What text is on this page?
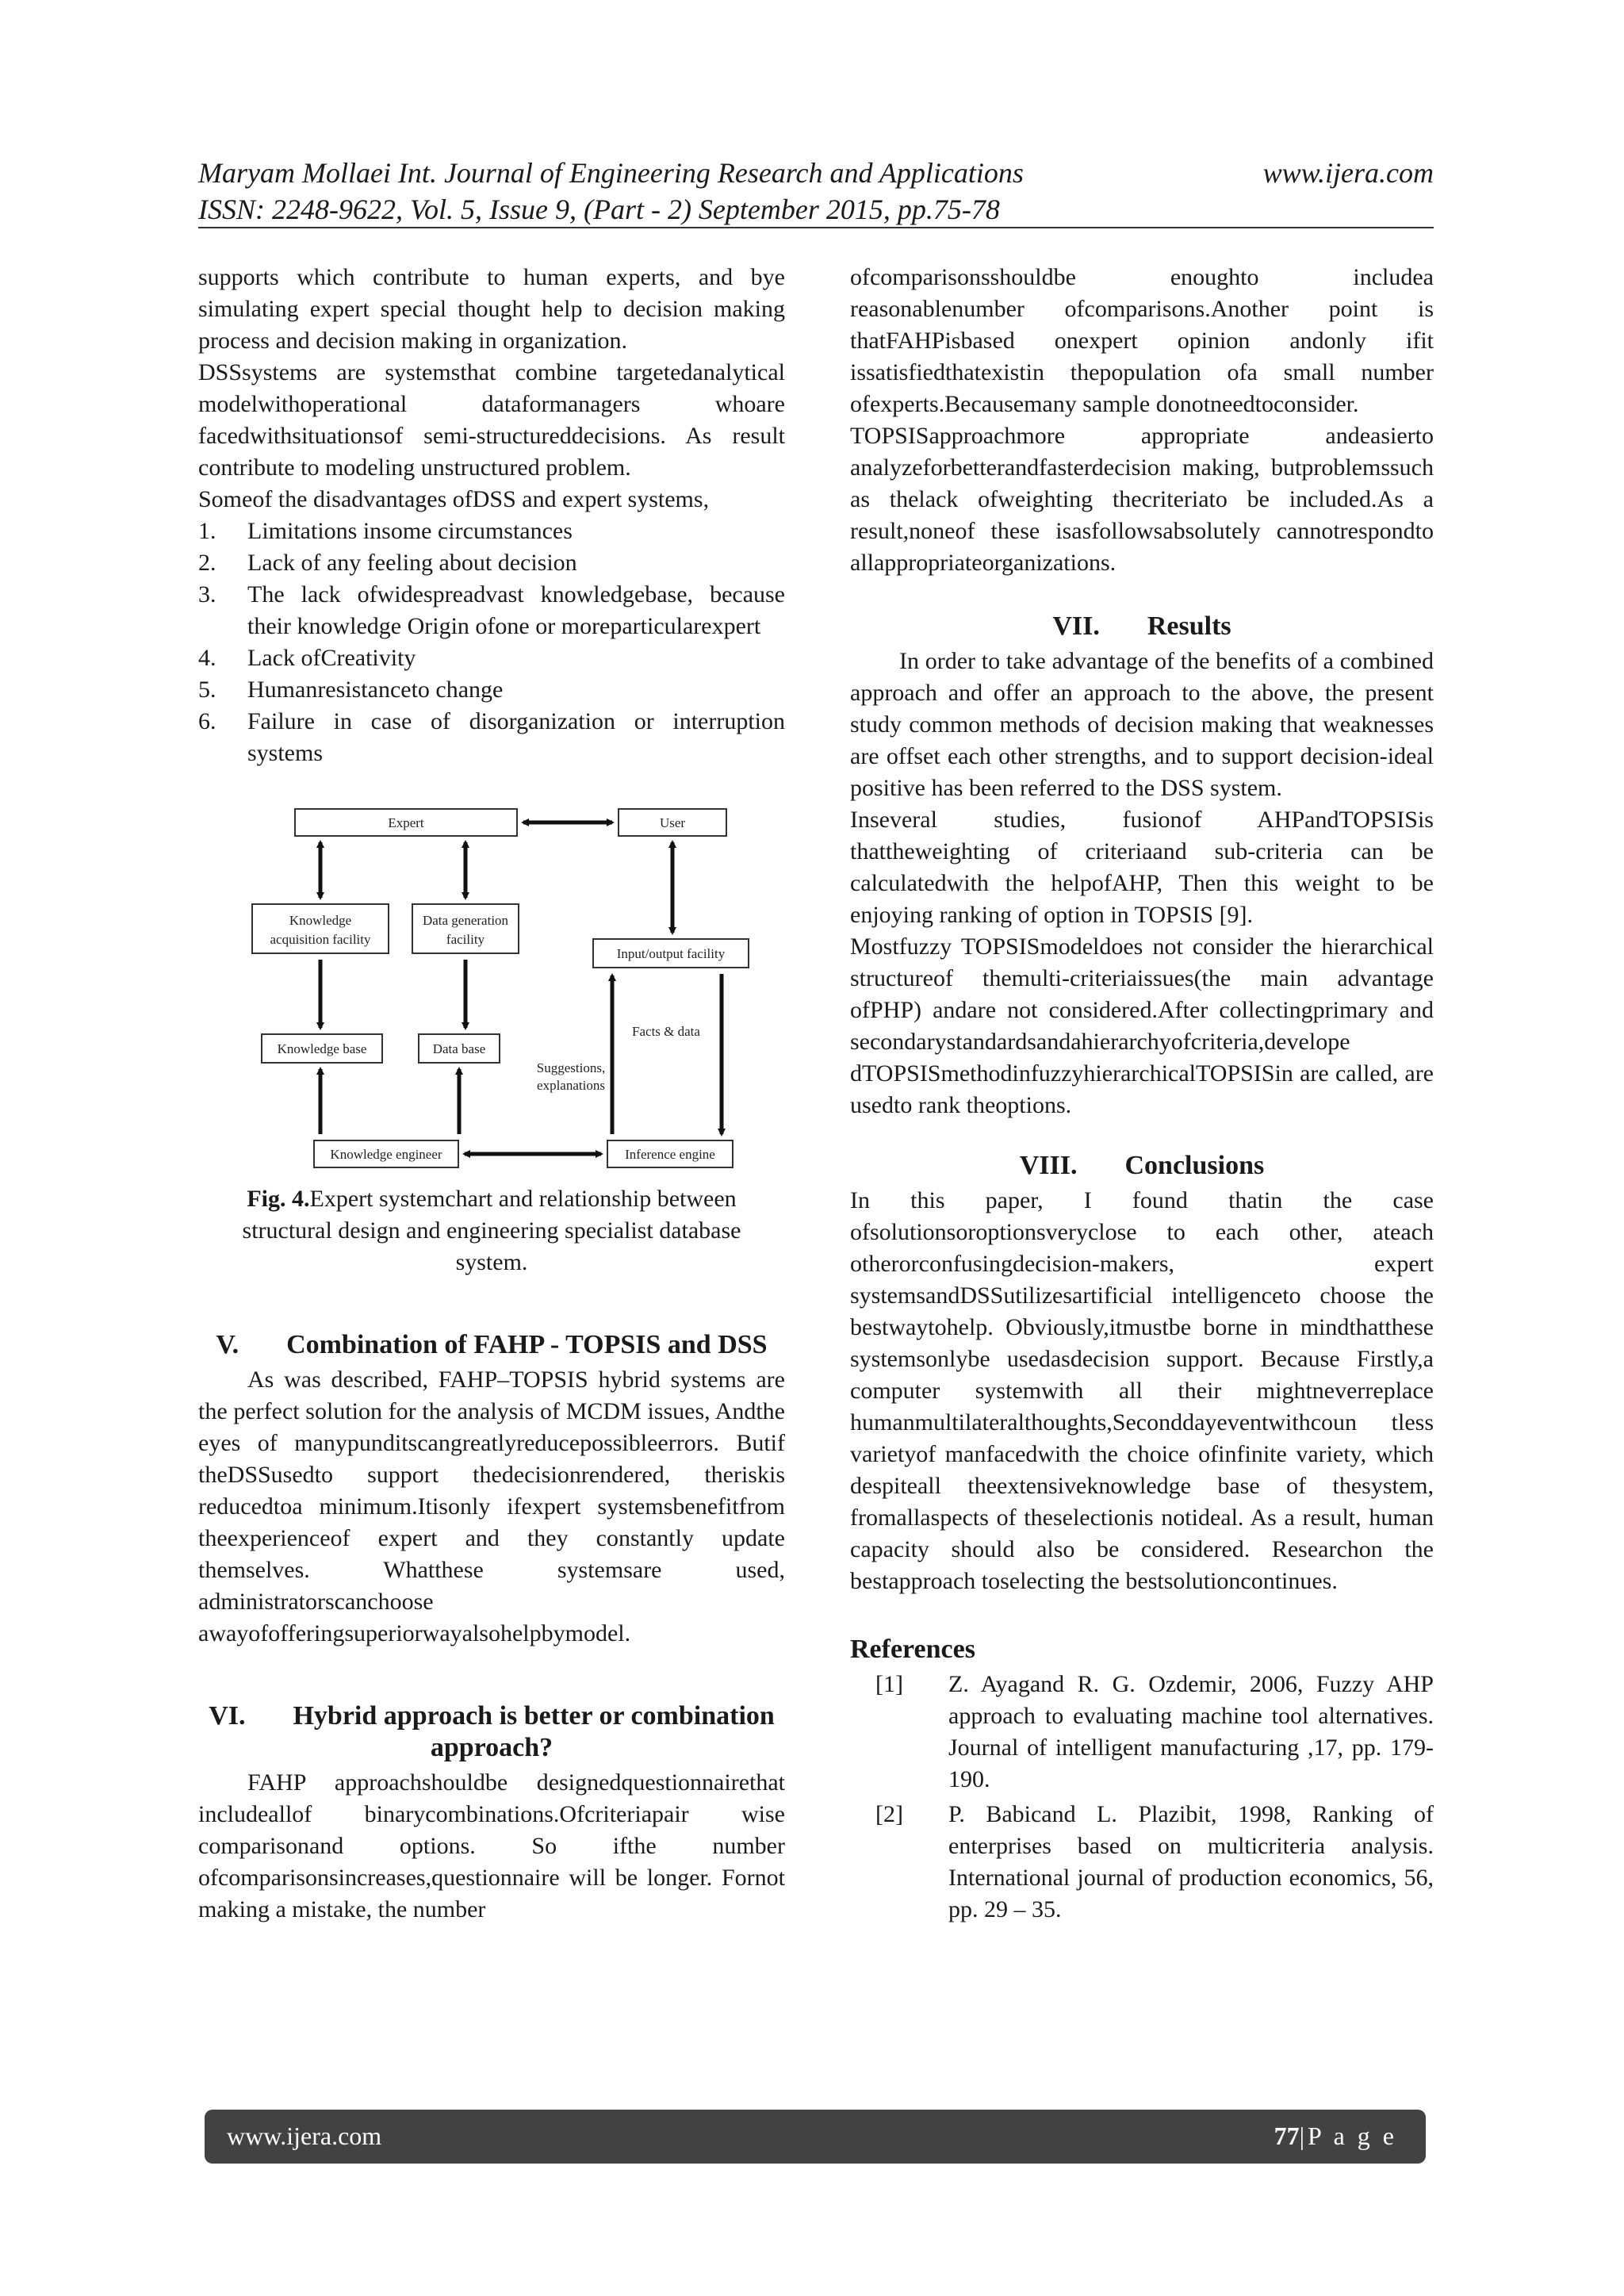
Maryam Mollaei Int. Journal of Engineering Research and Applications	www.ijera.com
ISSN: 2248-9622, Vol. 5, Issue 9, (Part - 2) September 2015, pp.75-78

supports which contribute to human experts, and bye simulating expert special thought help to decision making process and decision making in organization.

DSSsystems are systemsthat combine targetedanalytical modelwithoperational dataformanagers whoare facedwithsituationsof semi-structureddecisions. As result contribute to modeling unstructured problem.

Someof the disadvantages ofDSS and expert systems,

1. Limitations insome circumstances
2. Lack of any feeling about decision
3. The lack ofwidespreadvast knowledgebase, because their knowledge Origin ofone or moreparticularexpert
4. Lack ofCreativity
5. Humanresistanceto change
6. Failure in case of disorganization or interruption systems
Expert	User
Knowledge
acquisition facility
Data generation
facility
Input/output facility
Knowledge base	Data base
Suggestions,
explanations
Facts & data
Knowledge engineer	Inference engine

Fig. 4.Expert systemchart and relationship between structural design and engineering specialist database system.

V. Combination of FAHP - TOPSIS and DSS

As was described, FAHP–TOPSIS hybrid systems are the perfect solution for the analysis of MCDM issues, Andthe eyes of manypunditscangreatlyreducepossibleerrors. Butif theDSSusedto support thedecisionrendered, theriskis reducedtoa minimum.Itisonly ifexpert systemsbenefitfrom theexperienceof expert and they constantly update themselves. Whatthese systemsare used, administratorscanchoose awayofofferingsuperiorwayalsohelpbymodel.

VI. Hybrid approach is better or combination approach?

FAHP approachshouldbe designedquestionnairethat includeallof binarycombinations.Ofcriteriapair wise comparisonand options. So ifthe number ofcomparisonsincreases,questionnaire will be longer. Fornot making a mistake, the number

ofcomparisonsshouldbe enoughto includea reasonablenumber ofcomparisons.Another point is thatFAHPisbased onexpert opinion andonly ifit issatisfiedthatexistin thepopulation ofa small number ofexperts.Becausemany sample donotneedtoconsider.

TOPSISapproachmore appropriate andeasierto analyzeforbetterandfasterdecision making, butproblemssuch as thelack ofweighting thecriteriato be included.As a result,noneof these isasfollowsabsolutely cannotrespondto allappropriateorganizations.

VII. Results

In order to take advantage of the benefits of a combined approach and offer an approach to the above, the present study common methods of decision making that weaknesses are offset each other strengths, and to support decision-ideal positive has been referred to the DSS system.

Inseveral studies, fusionof AHPandTOPSISis thattheweighting of criteriaand sub-criteria can be calculatedwith the helpofAHP, Then this weight to be enjoying ranking of option in TOPSIS [9].

Mostfuzzy TOPSISmodeldoes not consider the hierarchical structureof themulti-criteriaissues(the main advantage ofPHP) andare not considered.After collectingprimary and secondarystandardsandahierarchyofcriteria,develope dTOPSISmethodinfuzzyhierarchicalTOPSISin are called, are usedto rank theoptions.

VIII. Conclusions

In this paper, I found thatin the case ofsolutionsoroptionsveryclose to each other, ateach otherorconfusingdecision-makers, expert systemsandDSSutilizesartificial intelligenceto choose the bestwaytohelp. Obviously,itmustbe borne in mindthatthese systemsonlybe usedasdecision support. Because Firstly,a computer systemwith all their mightneverreplace humanmultilateralthoughts,Seconddayeventwithcoun tless varietyof manfacedwith the choice ofinfinite variety, which despiteall theextensiveknowledge base of thesystem, fromallaspects of theselectionis notideal. As a result, human capacity should also be considered. Researchon the bestapproach toselecting the bestsolutioncontinues.

References

[1] Z. Ayagand R. G. Ozdemir, 2006, Fuzzy AHP approach to evaluating machine tool alternatives. Journal of intelligent manufacturing ,17, pp. 179-190.
[2] P. Babicand L. Plazibit, 1998, Ranking of enterprises based on multicriteria analysis. International journal of production economics, 56, pp. 29 – 35.
www.ijera.com	77|P a g e
